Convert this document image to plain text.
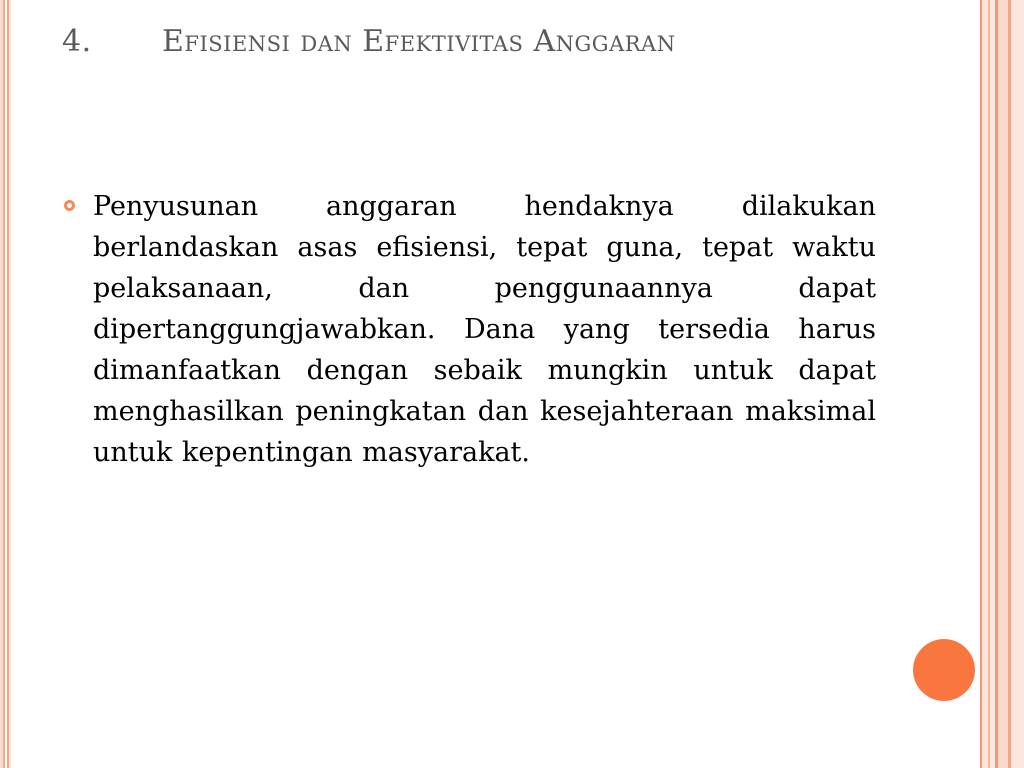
4. Efisiensi dan Efektivitas Anggaran

Penyusunan anggaran hendaknya dilakukan berlandaskan asas efisiensi, tepat guna, tepat waktu pelaksanaan, dan penggunaannya dapat dipertanggungjawabkan. Dana yang tersedia harus dimanfaatkan dengan sebaik mungkin untuk dapat menghasilkan peningkatan dan kesejahteraan maksimal untuk kepentingan masyarakat.
